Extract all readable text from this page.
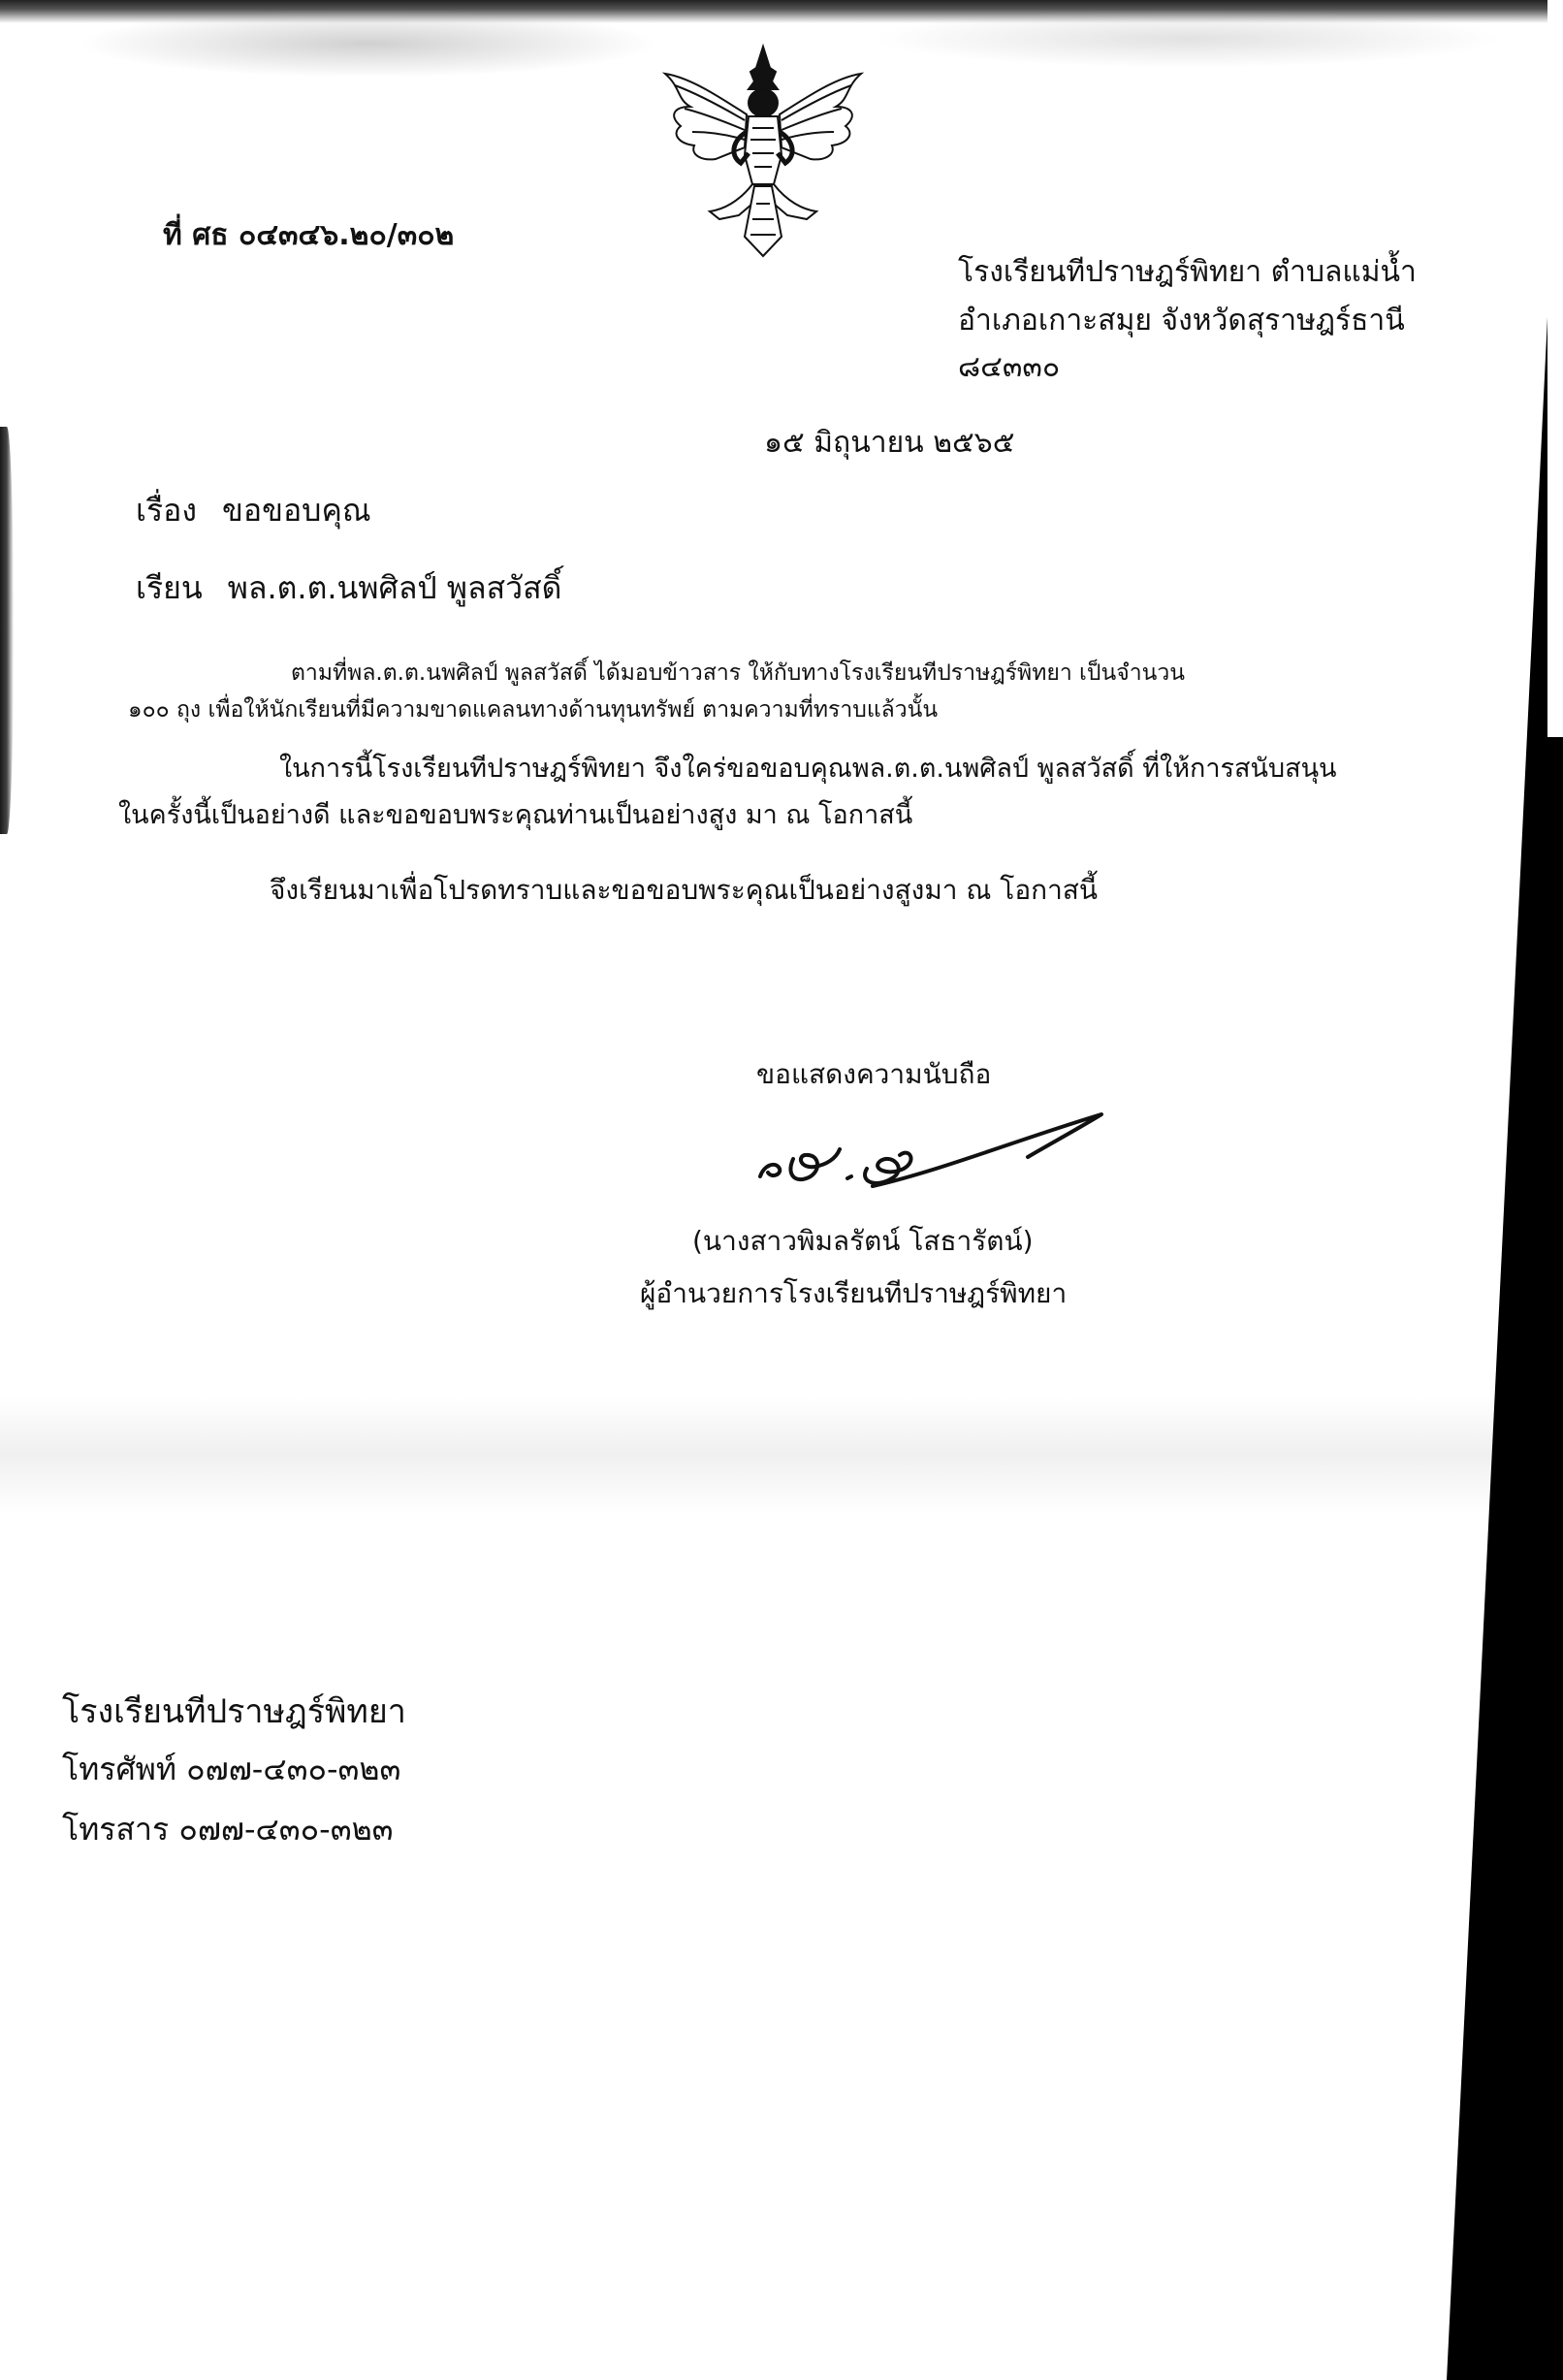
ที่ ศธ ๐๔๓๔๖.๒๐/๓๐๒
โรงเรียนทีปราษฎร์พิทยา ตำบลแม่น้ำ
อำเภอเกาะสมุย จังหวัดสุราษฎร์ธานี
๘๔๓๓๐
๑๕ มิถุนายน ๒๕๖๕
เรื่อง ขอขอบคุณ
เรียน พล.ต.ต.นพศิลป์ พูลสวัสดิ์
ตามที่พล.ต.ต.นพศิลป์ พูลสวัสดิ์ ได้มอบข้าวสาร ให้กับทางโรงเรียนทีปราษฎร์พิทยา เป็นจำนวน
๑๐๐ ถุง เพื่อให้นักเรียนที่มีความขาดแคลนทางด้านทุนทรัพย์ ตามความที่ทราบแล้วนั้น
ในการนี้โรงเรียนทีปราษฎร์พิทยา จึงใคร่ขอขอบคุณพล.ต.ต.นพศิลป์ พูลสวัสดิ์ ที่ให้การสนับสนุน
ในครั้งนี้เป็นอย่างดี และขอขอบพระคุณท่านเป็นอย่างสูง มา ณ โอกาสนี้
จึงเรียนมาเพื่อโปรดทราบและขอขอบพระคุณเป็นอย่างสูงมา ณ โอกาสนี้
ขอแสดงความนับถือ
(นางสาวพิมลรัตน์ โสธารัตน์)
ผู้อำนวยการโรงเรียนทีปราษฎร์พิทยา
โรงเรียนทีปราษฎร์พิทยา
โทรศัพท์ ๐๗๗-๔๓๐-๓๒๓
โทรสาร ๐๗๗-๔๓๐-๓๒๓
